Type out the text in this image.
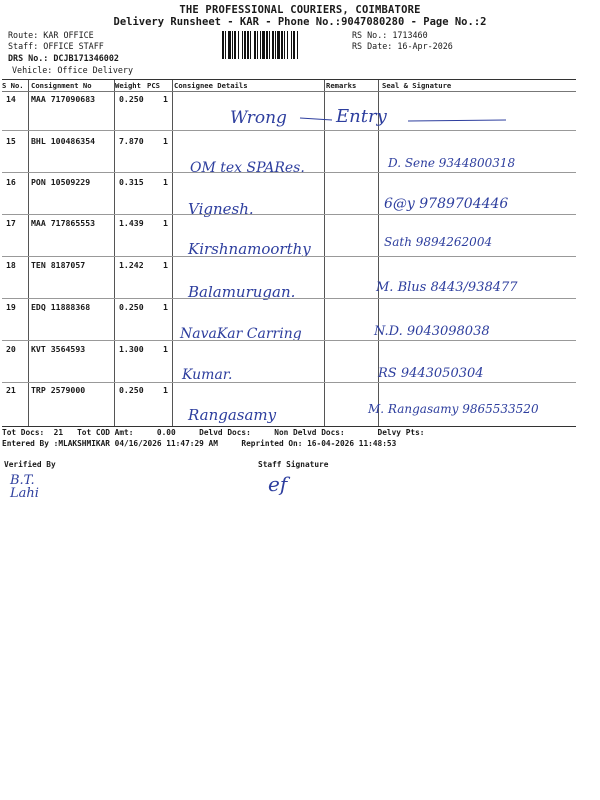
THE PROFESSIONAL COURIERS, COIMBATORE
Delivery Runsheet - KAR - Phone No.:9047080280 - Page No.:2
Route: KAR OFFICE
Staff: OFFICE STAFF
DRS No.: DCJB171346002
Vehicle: Office Delivery
RS No.: 1713460
RS Date: 16-Apr-2026
S No. Consignment No	Weight PCS Consignee Details	Remarks	Seal & Signature
14 MAA 717090683	0.250 1
Wrong	Entry
15 BHL 100486354	7.870 1
OM tex SPARes.	D. Sene 9344800318
16 PON 10509229	0.315 1
Vignesh.	6@y 9789704446
17 MAA 717865553	1.439 1
Kirshnamoorthy	Sath 9894262004
18 TEN 8187057	1.242 1
Balamurugan.	M. Blus 8443/938477
19 EDQ 11888368	0.250 1
NavaKar Carring	N.D. 9043098038
20 KVT 3564593	1.300 1
Kumar.	RS 9443050304
21 TRP 2579000	0.250 1
Rangasamy	M. Rangasamy 9865533520
Tot Docs:  21   Tot COD Amt:     0.00     Delvd Docs:     Non Delvd Docs:       Delvy Pts:
Entered By :MLAKSHMIKAR 04/16/2026 11:47:29 AM     Reprinted On: 16-04-2026 11:48:53
Verified By
B.T. Lahi
Staff Signature
ef
